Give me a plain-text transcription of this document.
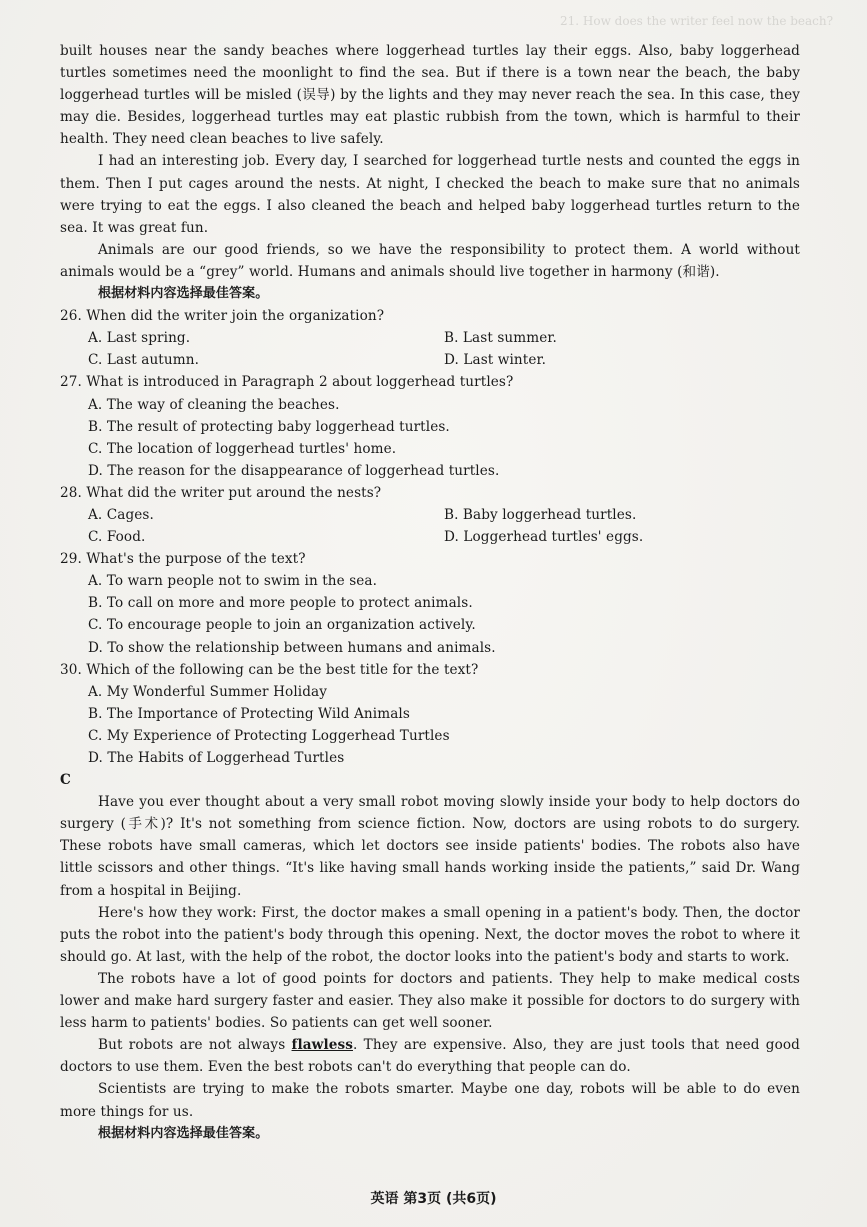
21. How does the writer feel now the beach?

built houses near the sandy beaches where loggerhead turtles lay their eggs. Also, baby loggerhead turtles sometimes need the moonlight to find the sea. But if there is a town near the beach, the baby loggerhead turtles will be misled (误导) by the lights and they may never reach the sea. In this case, they may die. Besides, loggerhead turtles may eat plastic rubbish from the town, which is harmful to their health. They need clean beaches to live safely.

I had an interesting job. Every day, I searched for loggerhead turtle nests and counted the eggs in them. Then I put cages around the nests. At night, I checked the beach to make sure that no animals were trying to eat the eggs. I also cleaned the beach and helped baby loggerhead turtles return to the sea. It was great fun.

Animals are our good friends, so we have the responsibility to protect them. A world without animals would be a “grey” world. Humans and animals should live together in harmony (和谐).

根据材料内容选择最佳答案。

26. When did the writer join the organization?

A. Last spring.	B. Last summer.
C. Last autumn.	D. Last winter.

27. What is introduced in Paragraph 2 about loggerhead turtles?

A. The way of cleaning the beaches.

B. The result of protecting baby loggerhead turtles.

C. The location of loggerhead turtles' home.

D. The reason for the disappearance of loggerhead turtles.

28. What did the writer put around the nests?

A. Cages.	B. Baby loggerhead turtles.
C. Food.	D. Loggerhead turtles' eggs.

29. What's the purpose of the text?

A. To warn people not to swim in the sea.

B. To call on more and more people to protect animals.

C. To encourage people to join an organization actively.

D. To show the relationship between humans and animals.

30. Which of the following can be the best title for the text?

A. My Wonderful Summer Holiday

B. The Importance of Protecting Wild Animals

C. My Experience of Protecting Loggerhead Turtles

D. The Habits of Loggerhead Turtles

C

Have you ever thought about a very small robot moving slowly inside your body to help doctors do surgery (手术)? It's not something from science fiction. Now, doctors are using robots to do surgery. These robots have small cameras, which let doctors see inside patients' bodies. The robots also have little scissors and other things. “It's like having small hands working inside the patients,” said Dr. Wang from a hospital in Beijing.

Here's how they work: First, the doctor makes a small opening in a patient's body. Then, the doctor puts the robot into the patient's body through this opening. Next, the doctor moves the robot to where it should go. At last, with the help of the robot, the doctor looks into the patient's body and starts to work.

The robots have a lot of good points for doctors and patients. They help to make medical costs lower and make hard surgery faster and easier. They also make it possible for doctors to do surgery with less harm to patients' bodies. So patients can get well sooner.

But robots are not always flawless. They are expensive. Also, they are just tools that need good doctors to use them. Even the best robots can't do everything that people can do.

Scientists are trying to make the robots smarter. Maybe one day, robots will be able to do even more things for us.

根据材料内容选择最佳答案。

英语 第3页 (共6页)
